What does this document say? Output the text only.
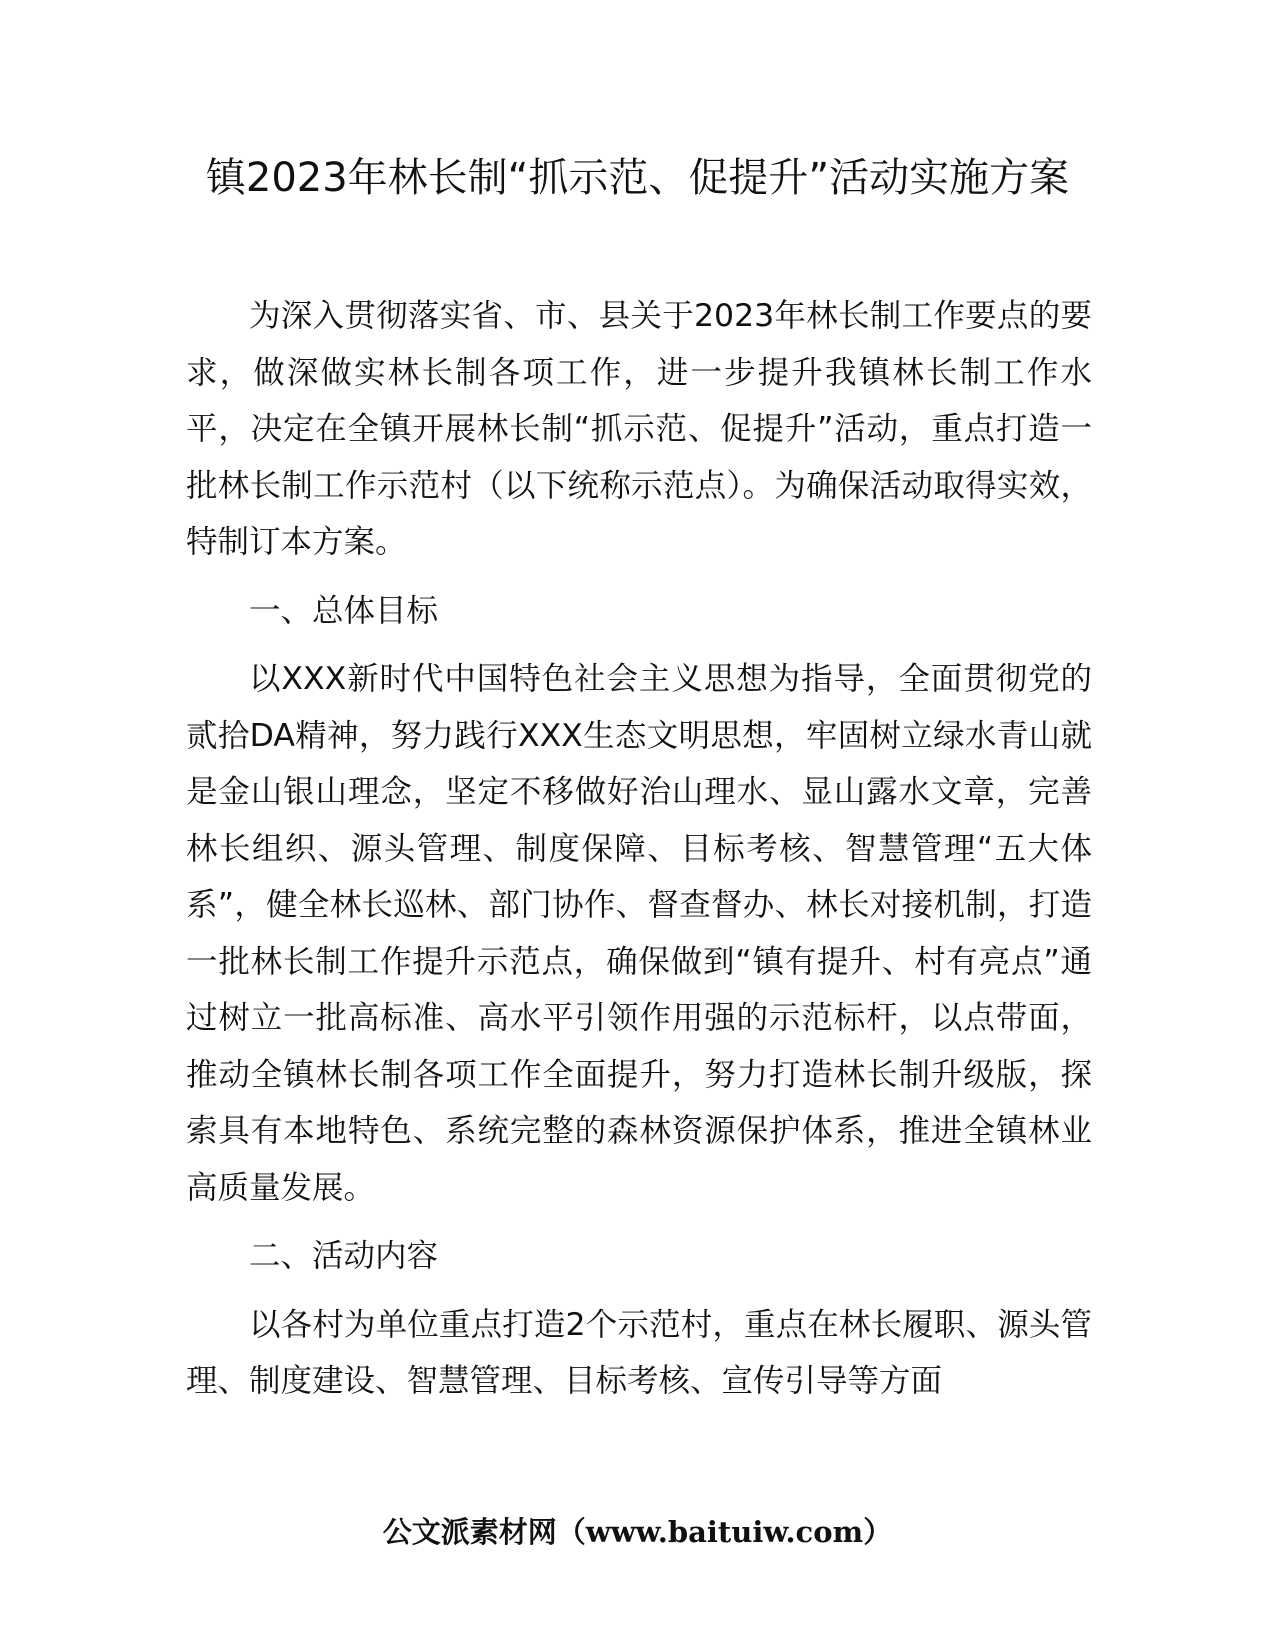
镇2023年林长制“抓示范、促提升”活动实施方案

为深入贯彻落实省、市、县关于2023年林长制工作要点的要求，做深做实林长制各项工作，进一步提升我镇林长制工作水平，决定在全镇开展林长制“抓示范、促提升”活动，重点打造一批林长制工作示范村（以下统称示范点）。为确保活动取得实效，特制订本方案。

一、总体目标

以XXX新时代中国特色社会主义思想为指导，全面贯彻党的贰拾DA精神，努力践行XXX生态文明思想，牢固树立绿水青山就是金山银山理念，坚定不移做好治山理水、显山露水文章，完善林长组织、源头管理、制度保障、目标考核、智慧管理“五大体系”，健全林长巡林、部门协作、督查督办、林长对接机制，打造一批林长制工作提升示范点，确保做到“镇有提升、村有亮点”通过树立一批高标准、高水平引领作用强的示范标杆，以点带面，推动全镇林长制各项工作全面提升，努力打造林长制升级版，探索具有本地特色、系统完整的森林资源保护体系，推进全镇林业高质量发展。

二、活动内容

以各村为单位重点打造2个示范村，重点在林长履职、源头管理、制度建设、智慧管理、目标考核、宣传引导等方面

公文派素材网（www.baituiw.com）
